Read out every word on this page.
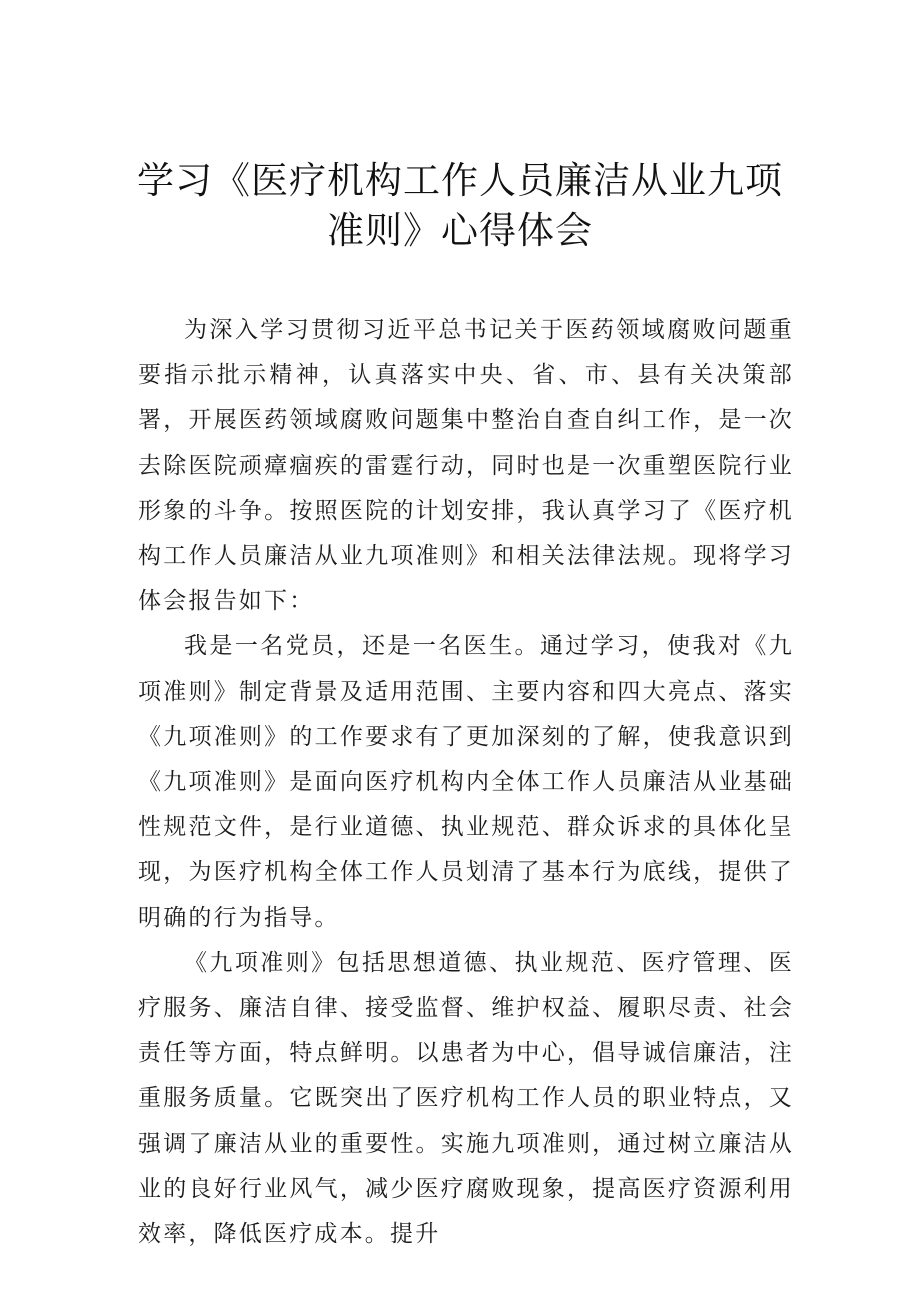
学习《医疗机构工作人员廉洁从业九项准则》心得体会

为深入学习贯彻习近平总书记关于医药领域腐败问题重要指示批示精神，认真落实中央、省、市、县有关决策部署，开展医药领域腐败问题集中整治自查自纠工作，是一次去除医院顽瘴痼疾的雷霆行动，同时也是一次重塑医院行业形象的斗争。按照医院的计划安排，我认真学习了《医疗机构工作人员廉洁从业九项准则》和相关法律法规。现将学习体会报告如下：

我是一名党员，还是一名医生。通过学习，使我对《九项准则》制定背景及适用范围、主要内容和四大亮点、落实《九项准则》的工作要求有了更加深刻的了解，使我意识到《九项准则》是面向医疗机构内全体工作人员廉洁从业基础性规范文件，是行业道德、执业规范、群众诉求的具体化呈现，为医疗机构全体工作人员划清了基本行为底线，提供了明确的行为指导。

《九项准则》包括思想道德、执业规范、医疗管理、医疗服务、廉洁自律、接受监督、维护权益、履职尽责、社会责任等方面，特点鲜明。以患者为中心，倡导诚信廉洁，注重服务质量。它既突出了医疗机构工作人员的职业特点，又强调了廉洁从业的重要性。实施九项准则，通过树立廉洁从业的良好行业风气，减少医疗腐败现象，提高医疗资源利用效率，降低医疗成本。提升
